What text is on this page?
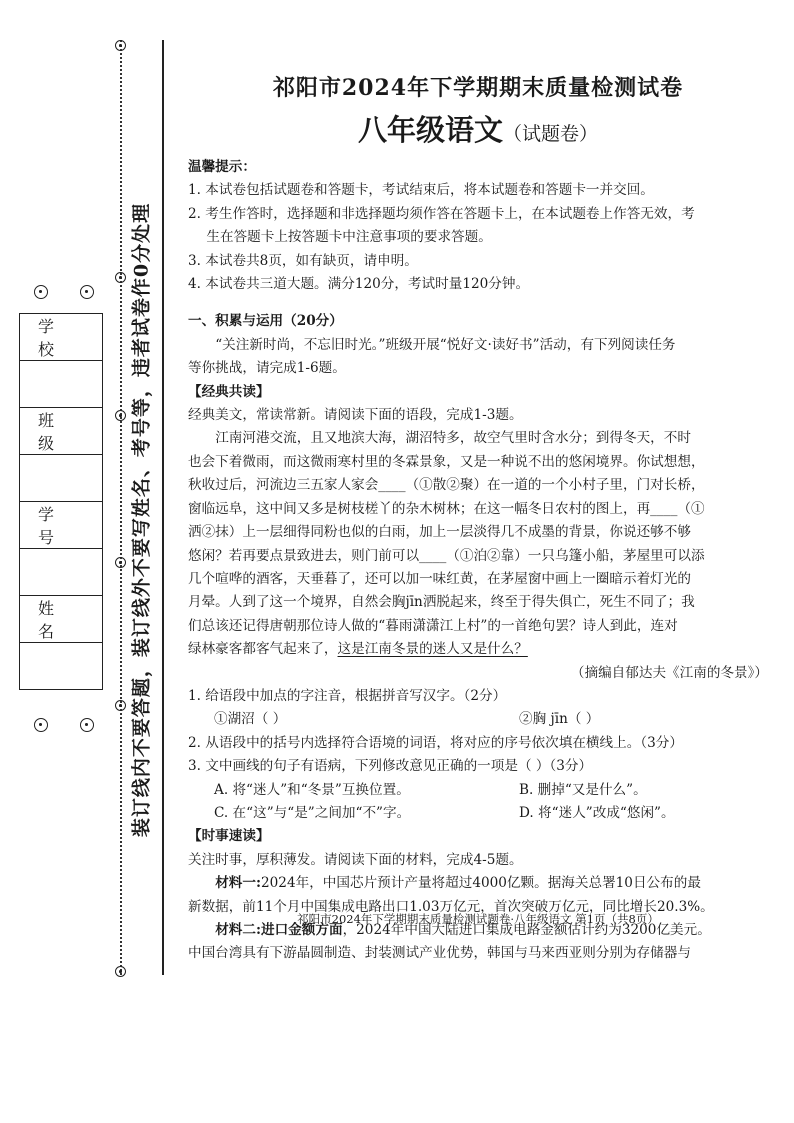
装订线内不要答题，装订线外不要写姓名、考号等，违者试卷作0分处理
学校
班级
学号
姓名
祁阳市2024年下学期期末质量检测试卷
八年级语文（试题卷）

温馨提示：

1. 本试卷包括试题卷和答题卡，考试结束后，将本试题卷和答题卡一并交回。

2. 考生作答时，选择题和非选择题均须作答在答题卡上，在本试题卷上作答无效，考

生在答题卡上按答题卡中注意事项的要求答题。

3. 本试卷共8页，如有缺页，请申明。

4. 本试卷共三道大题。满分120分，考试时量120分钟。

一、积累与运用（20分）

“关注新时尚，不忘旧时光。”班级开展“悦好文·读好书”活动，有下列阅读任务

等你挑战，请完成1-6题。

【经典共读】

经典美文，常读常新。请阅读下面的语段，完成1-3题。

江南河港交流，且又地滨大海，湖沼特多，故空气里时含水分；到得冬天，不时

也会下着微雨，而这微雨寒村里的冬霖景象，又是一种说不出的悠闲境界。你试想想，

秋收过后，河流边三五家人家会____（①散②聚）在一道的一个小村子里，门对长桥，

窗临远阜，这中间又多是树枝槎丫的杂木树林；在这一幅冬日农村的图上，再____（①

洒②抹）上一层细得同粉也似的白雨，加上一层淡得几不成墨的背景，你说还够不够

悠闲？若再要点景致进去，则门前可以____（①泊②靠）一只乌篷小船，茅屋里可以添

几个喧哗的酒客，天垂暮了，还可以加一味红黄，在茅屋窗中画上一圈暗示着灯光的

月晕。人到了这一个境界，自然会胸jīn洒脱起来，终至于得失俱亡，死生不同了；我

们总该还记得唐朝那位诗人做的“暮雨潇潇江上村”的一首绝句罢？诗人到此，连对

绿林豪客都客气起来了，这是江南冬景的迷人又是什么？

（摘编自郁达夫《江南的冬景》）

1. 给语段中加点的字注音，根据拼音写汉字。（2分）

①湖沼（ ）	②胸 jīn（ ）

2. 从语段中的括号内选择符合语境的词语，将对应的序号依次填在横线上。（3分）

3. 文中画线的句子有语病，下列修改意见正确的一项是（ ）（3分）

A. 将“迷人”和“冬景”互换位置。	B. 删掉“又是什么”。

C. 在“这”与“是”之间加“不”字。	D. 将“迷人”改成“悠闲”。

【时事速读】

关注时事，厚积薄发。请阅读下面的材料，完成4-5题。

材料一:2024年，中国芯片预计产量将超过4000亿颗。据海关总署10日公布的最

新数据，前11个月中国集成电路出口1.03万亿元，首次突破万亿元，同比增长20.3%。

材料二:进口金额方面，2024年中国大陆进口集成电路金额估计约为3200亿美元。

中国台湾具有下游晶圆制造、封装测试产业优势，韩国与马来西亚则分别为存储器与

祁阳市2024年下学期期末质量检测试题卷·八年级语文 第1页（共8页）
